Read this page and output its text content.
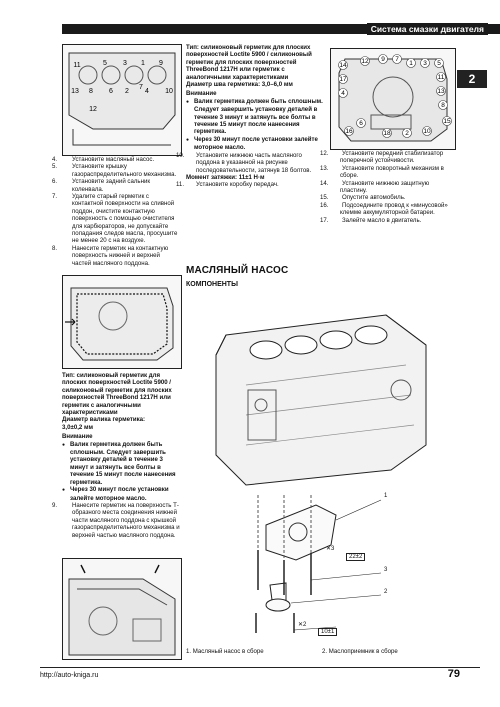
Система смазки двигателя
2
11	5 3 1 9
7
13 8 6 2 4 10
12
14
12 9 7
1 3 5
11
13
17
8
4
6	15
16	10
2
18

4. Установите масляный насос.

5. Установите крышку газораспределительного механизма.

6. Установите задний сальник коленвала.

7. Удалите старый герметик с контактной поверхности на сливной поддон, очистите контактную поверхность с помощью очистителя для карбюраторов, не допускайте попадания следов масла, просушите не менее 20 с на воздухе.

8. Нанесите герметик на контактную поверхность нижней и верхней частей масляного поддона.

Тип: силиконовый герметик для плоских поверхностей Loctite 5900 / силиконовый герметик для плоских поверхностей ThreeBond 1217H или герметик с аналогичными характеристиками

Диаметр валика герметика:

3,0±0,2 мм

Внимание

● Валик герметика должен быть сплошным. Следует завершить установку деталей в течение 3 минут и затянуть все болты в течение 15 минут после нанесения герметика.

● Через 30 минут после установки залейте моторное масло.

9. Нанесите герметик на поверхность Т-образного места соединения нижней части масляного поддона с крышкой газораспределительного механизма и верхней частью масляного поддона.

Тип: силиконовый герметик для плоских поверхностей Loctite 5900 / силиконовый герметик для плоских поверхностей ThreeBond 1217H или герметик с аналогичными характеристиками

Диаметр шва герметика: 3,0–6,0 мм

Внимание

● Валик герметика должен быть сплошным. Следует завершить установку деталей в течение 3 минут и затянуть все болты в течение 15 минут после нанесения герметика.

● Через 30 минут после установки залейте моторное масло.

10. Установите нижнюю часть масляного поддона в указанной на рисунке последовательности, затянув 18 болтов.

Момент затяжки: 11±1 Н·м

11. Установите коробку передач.

12. Установите передний стабилизатор поперечной устойчивости.

13. Установите поворотный механизм в сборе.

14. Установите нижнюю защитную пластину.

15. Опустите автомобиль.

16. Подсоедините провод к «минусовой» клемме аккумуляторной батареи.

17. Залейте масло в двигатель.

МАСЛЯНЫЙ НАСОС
КОМПОНЕНТЫ
1
3
2
✕3
22±2
✕2
10±1
1. Масляный насос в сборе	2. Маслоприемник в сборе
http://auto-kniga.ru	79
